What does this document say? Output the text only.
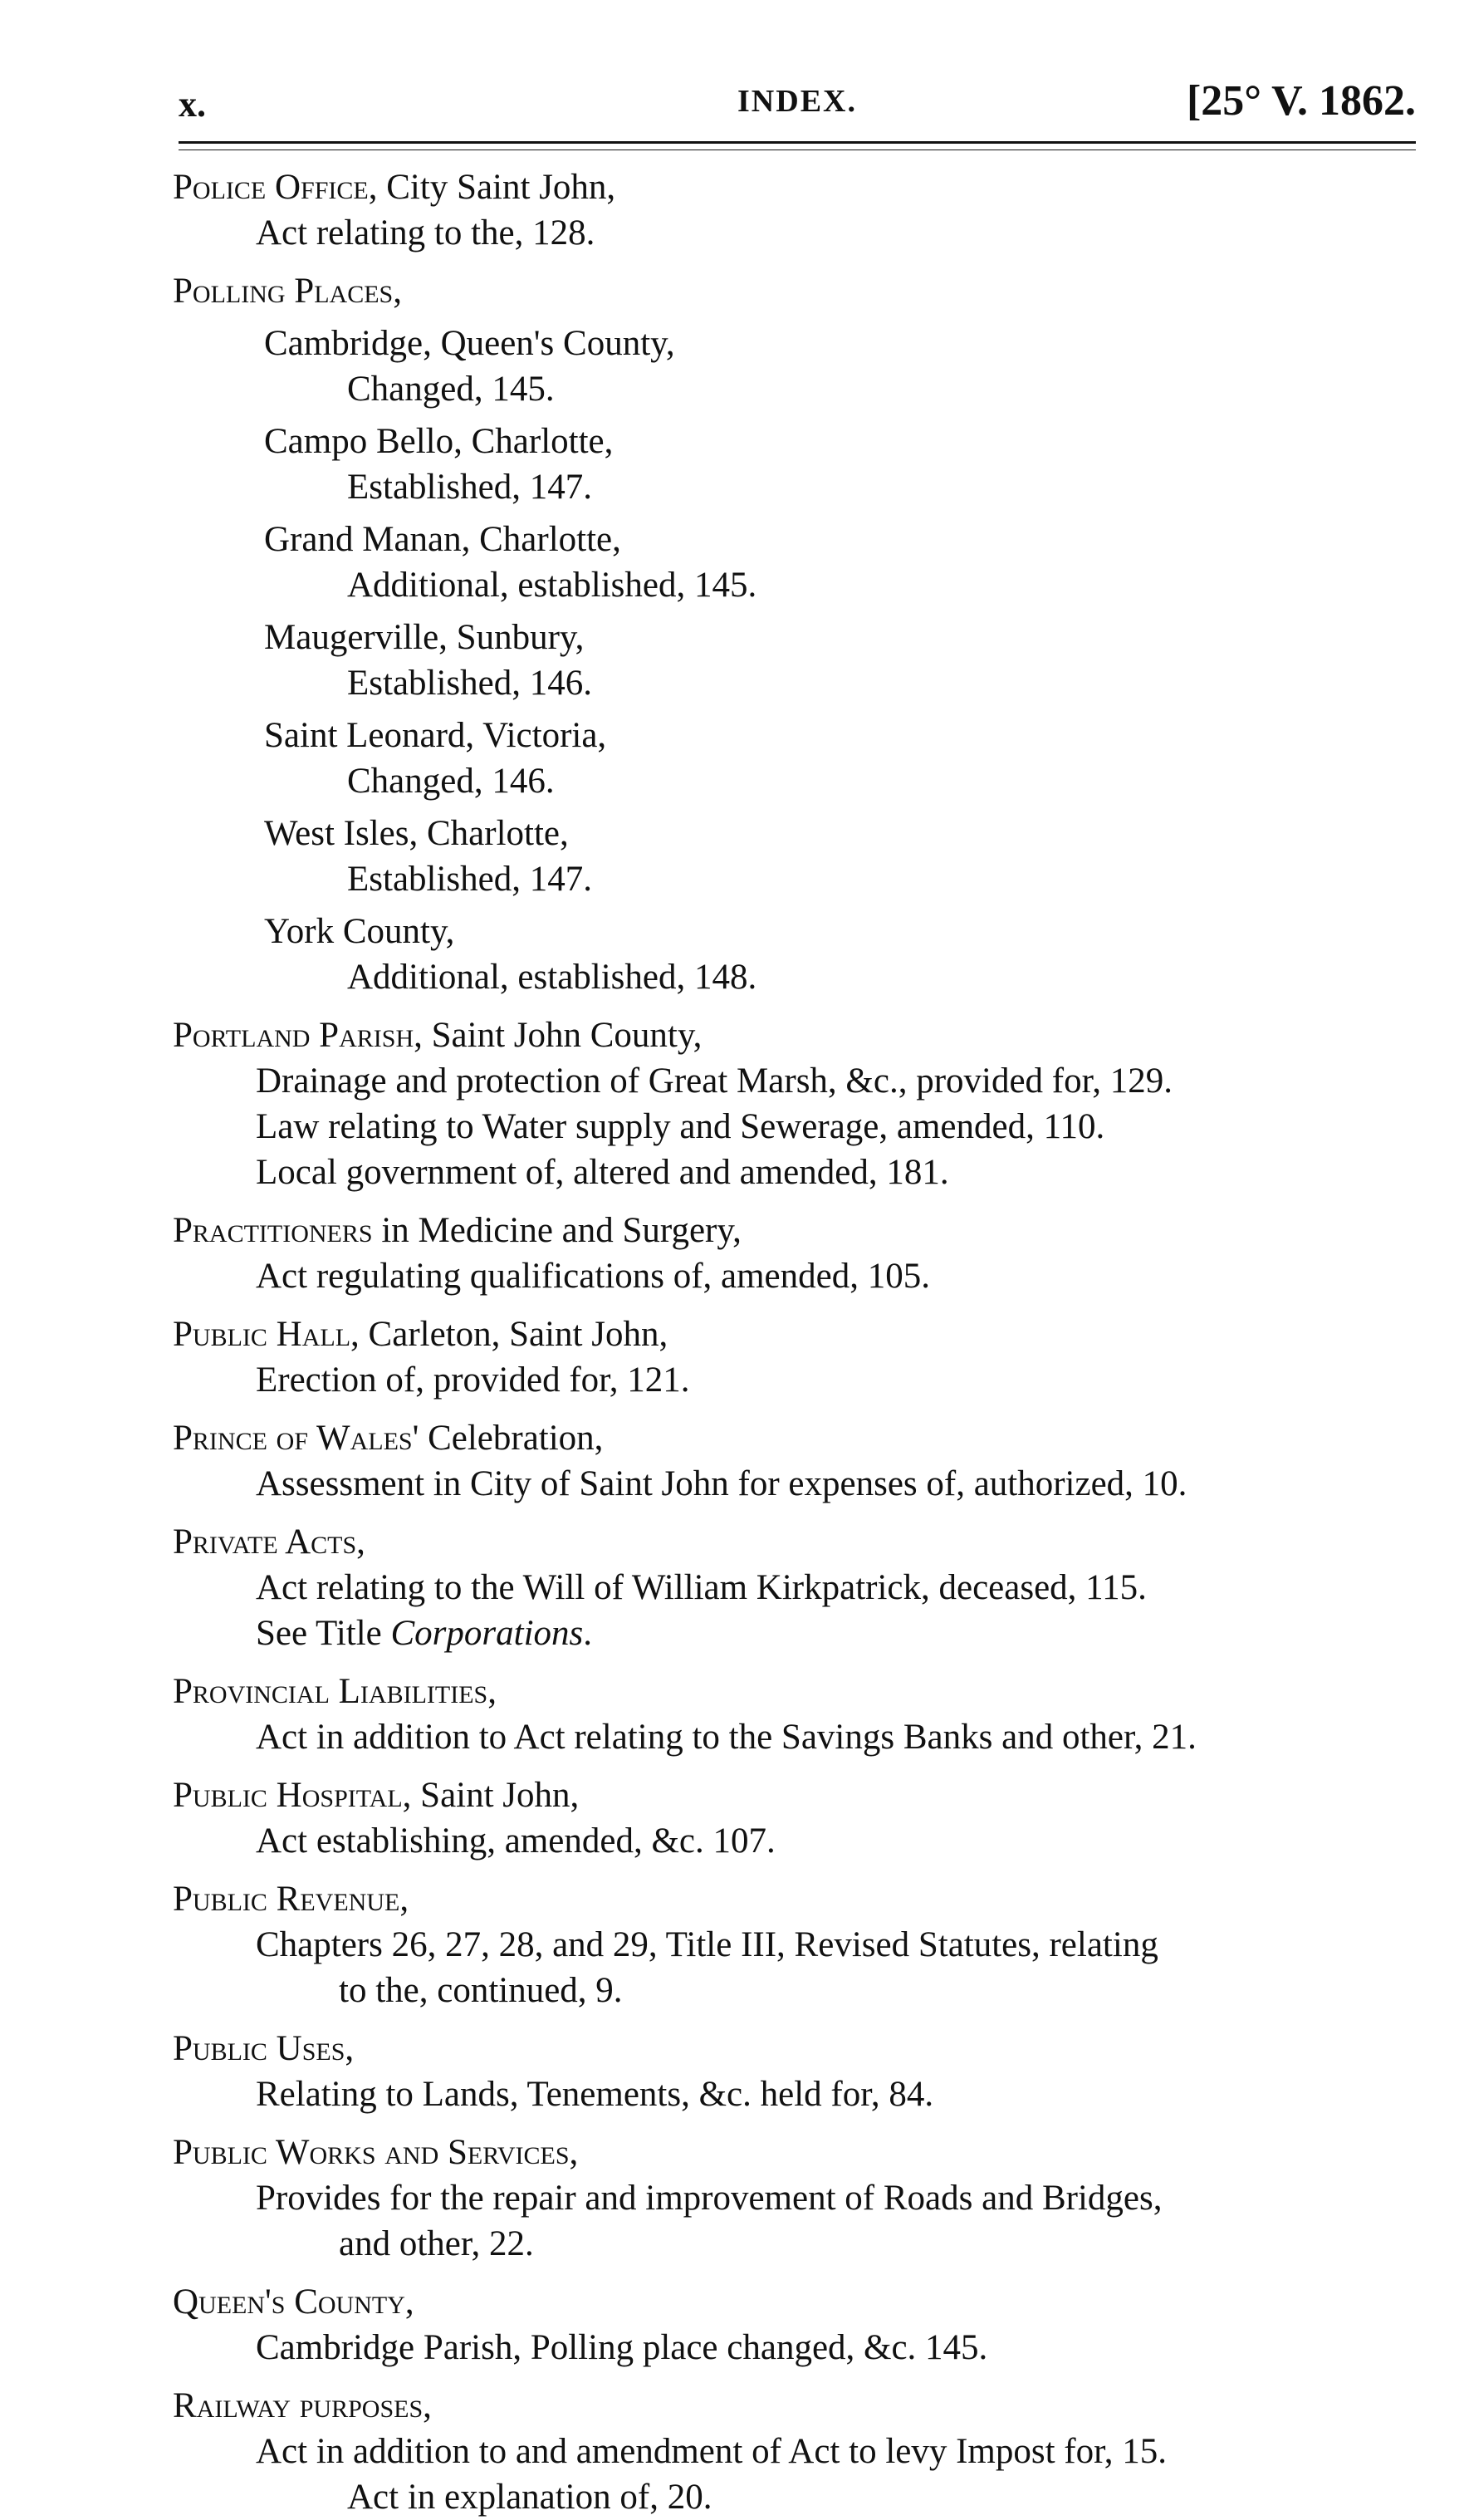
x.	INDEX.	[25° V. 1862.
Police Office, City Saint John,
Act relating to the, 128.
Polling Places,
Cambridge, Queen's County,
Changed, 145.
Campo Bello, Charlotte,
Established, 147.
Grand Manan, Charlotte,
Additional, established, 145.
Maugerville, Sunbury,
Established, 146.
Saint Leonard, Victoria,
Changed, 146.
West Isles, Charlotte,
Established, 147.
York County,
Additional, established, 148.
Portland Parish, Saint John County,
Drainage and protection of Great Marsh, &c., provided for, 129.
Law relating to Water supply and Sewerage, amended, 110.
Local government of, altered and amended, 181.
Practitioners in Medicine and Surgery,
Act regulating qualifications of, amended, 105.
Public Hall, Carleton, Saint John,
Erection of, provided for, 121.
Prince of Wales' Celebration,
Assessment in City of Saint John for expenses of, authorized, 10.
Private Acts,
Act relating to the Will of William Kirkpatrick, deceased, 115.
See Title Corporations.
Provincial Liabilities,
Act in addition to Act relating to the Savings Banks and other, 21.
Public Hospital, Saint John,
Act establishing, amended, &c. 107.
Public Revenue,
Chapters 26, 27, 28, and 29, Title III, Revised Statutes, relating
to the, continued, 9.
Public Uses,
Relating to Lands, Tenements, &c. held for, 84.
Public Works and Services,
Provides for the repair and improvement of Roads and Bridges,
and other, 22.
Queen's County,
Cambridge Parish, Polling place changed, &c. 145.
Railway purposes,
Act in addition to and amendment of Act to levy Impost for, 15.
Act in explanation of, 20.
